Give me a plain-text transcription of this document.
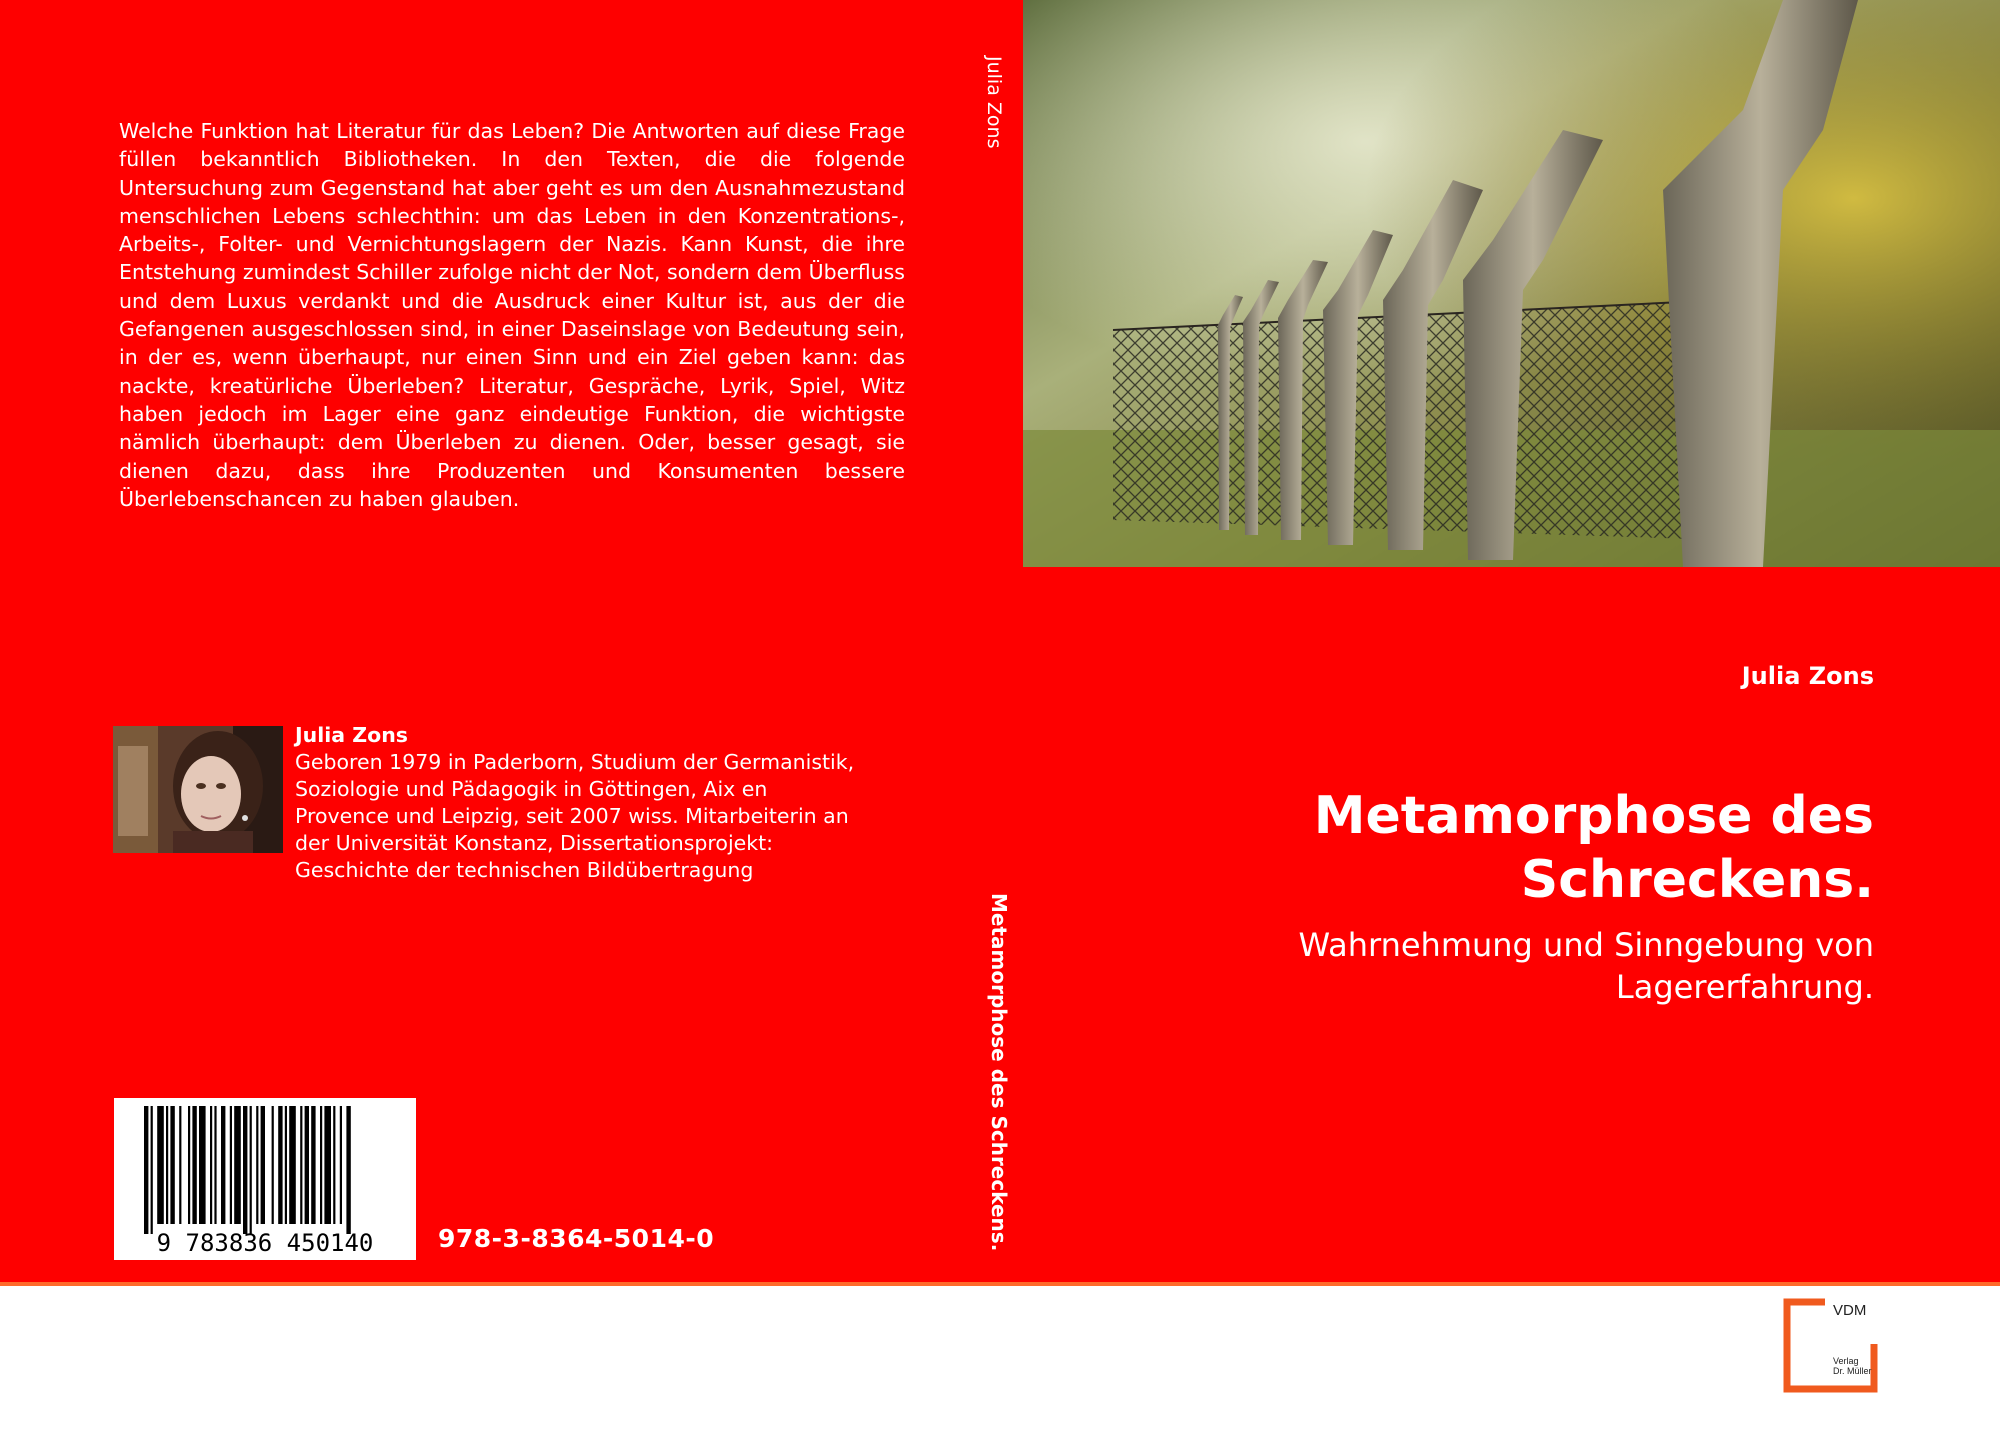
Welche Funktion hat Literatur für das Leben? Die Antworten auf diese Frage füllen bekanntlich Bibliotheken. In den Texten, die die folgende Untersuchung zum Gegenstand hat aber geht es um den Ausnahmezustand menschlichen Lebens schlechthin: um das Leben in den Konzentrations-, Arbeits-, Folter- und Vernichtungslagern der Nazis. Kann Kunst, die ihre Entstehung zumindest Schiller zufolge nicht der Not, sondern dem Überfluss und dem Luxus verdankt und die Ausdruck einer Kultur ist, aus der die Gefangenen ausgeschlossen sind, in einer Daseinslage von Bedeutung sein, in der es, wenn überhaupt, nur einen Sinn und ein Ziel geben kann: das nackte, kreatürliche Überleben? Literatur, Gespräche, Lyrik, Spiel, Witz haben jedoch im Lager eine ganz eindeutige Funktion, die wichtigste nämlich überhaupt: dem Überleben zu dienen. Oder, besser gesagt, sie dienen dazu, dass ihre Produzenten und Konsumenten bessere Überlebenschancen zu haben glauben.
Julia Zons
Geboren 1979 in Paderborn, Studium der Germanistik, Soziologie und Pädagogik in Göttingen, Aix en Provence und Leipzig, seit 2007 wiss. Mitarbeiterin an der Universität Konstanz, Dissertationsprojekt: Geschichte der technischen Bildübertragung
9 783836 450140	978-3-8364-5014-0
Julia Zons
Metamorphose des Schreckens.
Julia Zons
Metamorphose des Schreckens.
Wahrnehmung und Sinngebung von Lagererfahrung.
VDM
Verlag
Dr. Müller
